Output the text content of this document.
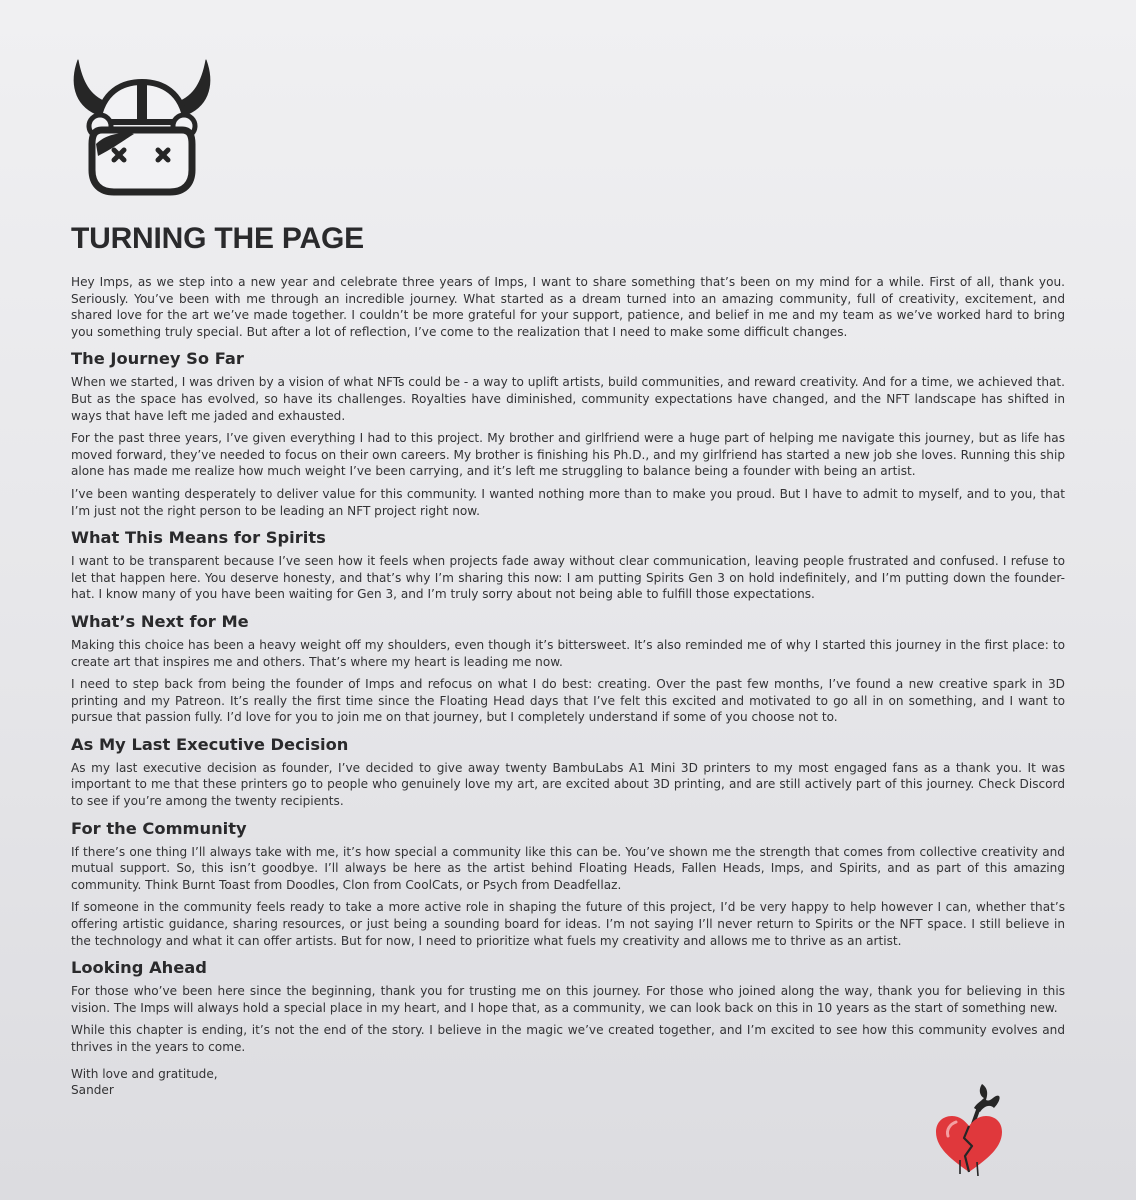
TURNING THE PAGE

Hey Imps, as we step into a new year and celebrate three years of Imps, I want to share something that’s been on my mind for a while. First of all, thank you. Seriously. You’ve been with me through an incredible journey. What started as a dream turned into an amazing community, full of creativity, excitement, and shared love for the art we’ve made together. I couldn’t be more grateful for your support, patience, and belief in me and my team as we’ve worked hard to bring you something truly special. But after a lot of reflection, I’ve come to the realization that I need to make some difficult changes.

The Journey So Far

When we started, I was driven by a vision of what NFTs could be - a way to uplift artists, build communities, and reward creativity. And for a time, we achieved that. But as the space has evolved, so have its challenges. Royalties have diminished, community expectations have changed, and the NFT landscape has shifted in ways that have left me jaded and exhausted.

For the past three years, I’ve given everything I had to this project. My brother and girlfriend were a huge part of helping me navigate this journey, but as life has moved forward, they’ve needed to focus on their own careers. My brother is finishing his Ph.D., and my girlfriend has started a new job she loves. Running this ship alone has made me realize how much weight I’ve been carrying, and it’s left me struggling to balance being a founder with being an artist.

I’ve been wanting desperately to deliver value for this community. I wanted nothing more than to make you proud. But I have to admit to myself, and to you, that I’m just not the right person to be leading an NFT project right now.

What This Means for Spirits

I want to be transparent because I’ve seen how it feels when projects fade away without clear communication, leaving people frustrated and confused. I refuse to let that happen here. You deserve honesty, and that’s why I’m sharing this now: I am putting Spirits Gen 3 on hold indefinitely, and I’m putting down the founder-hat. I know many of you have been waiting for Gen 3, and I’m truly sorry about not being able to fulfill those expectations.

What’s Next for Me

Making this choice has been a heavy weight off my shoulders, even though it’s bittersweet. It’s also reminded me of why I started this journey in the first place: to create art that inspires me and others. That’s where my heart is leading me now.

I need to step back from being the founder of Imps and refocus on what I do best: creating. Over the past few months, I’ve found a new creative spark in 3D printing and my Patreon. It’s really the first time since the Floating Head days that I’ve felt this excited and motivated to go all in on something, and I want to pursue that passion fully. I’d love for you to join me on that journey, but I completely understand if some of you choose not to.

As My Last Executive Decision

As my last executive decision as founder, I’ve decided to give away twenty BambuLabs A1 Mini 3D printers to my most engaged fans as a thank you. It was important to me that these printers go to people who genuinely love my art, are excited about 3D printing, and are still actively part of this journey. Check Discord to see if you’re among the twenty recipients.

For the Community

If there’s one thing I’ll always take with me, it’s how special a community like this can be. You’ve shown me the strength that comes from collective creativity and mutual support. So, this isn’t goodbye. I’ll always be here as the artist behind Floating Heads, Fallen Heads, Imps, and Spirits, and as part of this amazing community. Think Burnt Toast from Doodles, Clon from CoolCats, or Psych from Deadfellaz.

If someone in the community feels ready to take a more active role in shaping the future of this project, I’d be very happy to help however I can, whether that’s offering artistic guidance, sharing resources, or just being a sounding board for ideas. I’m not saying I’ll never return to Spirits or the NFT space. I still believe in the technology and what it can offer artists. But for now, I need to prioritize what fuels my creativity and allows me to thrive as an artist.

Looking Ahead

For those who’ve been here since the beginning, thank you for trusting me on this journey. For those who joined along the way, thank you for believing in this vision. The Imps will always hold a special place in my heart, and I hope that, as a community, we can look back on this in 10 years as the start of something new.

While this chapter is ending, it’s not the end of the story. I believe in the magic we’ve created together, and I’m excited to see how this community evolves and thrives in the years to come.

With love and gratitude,
Sander
